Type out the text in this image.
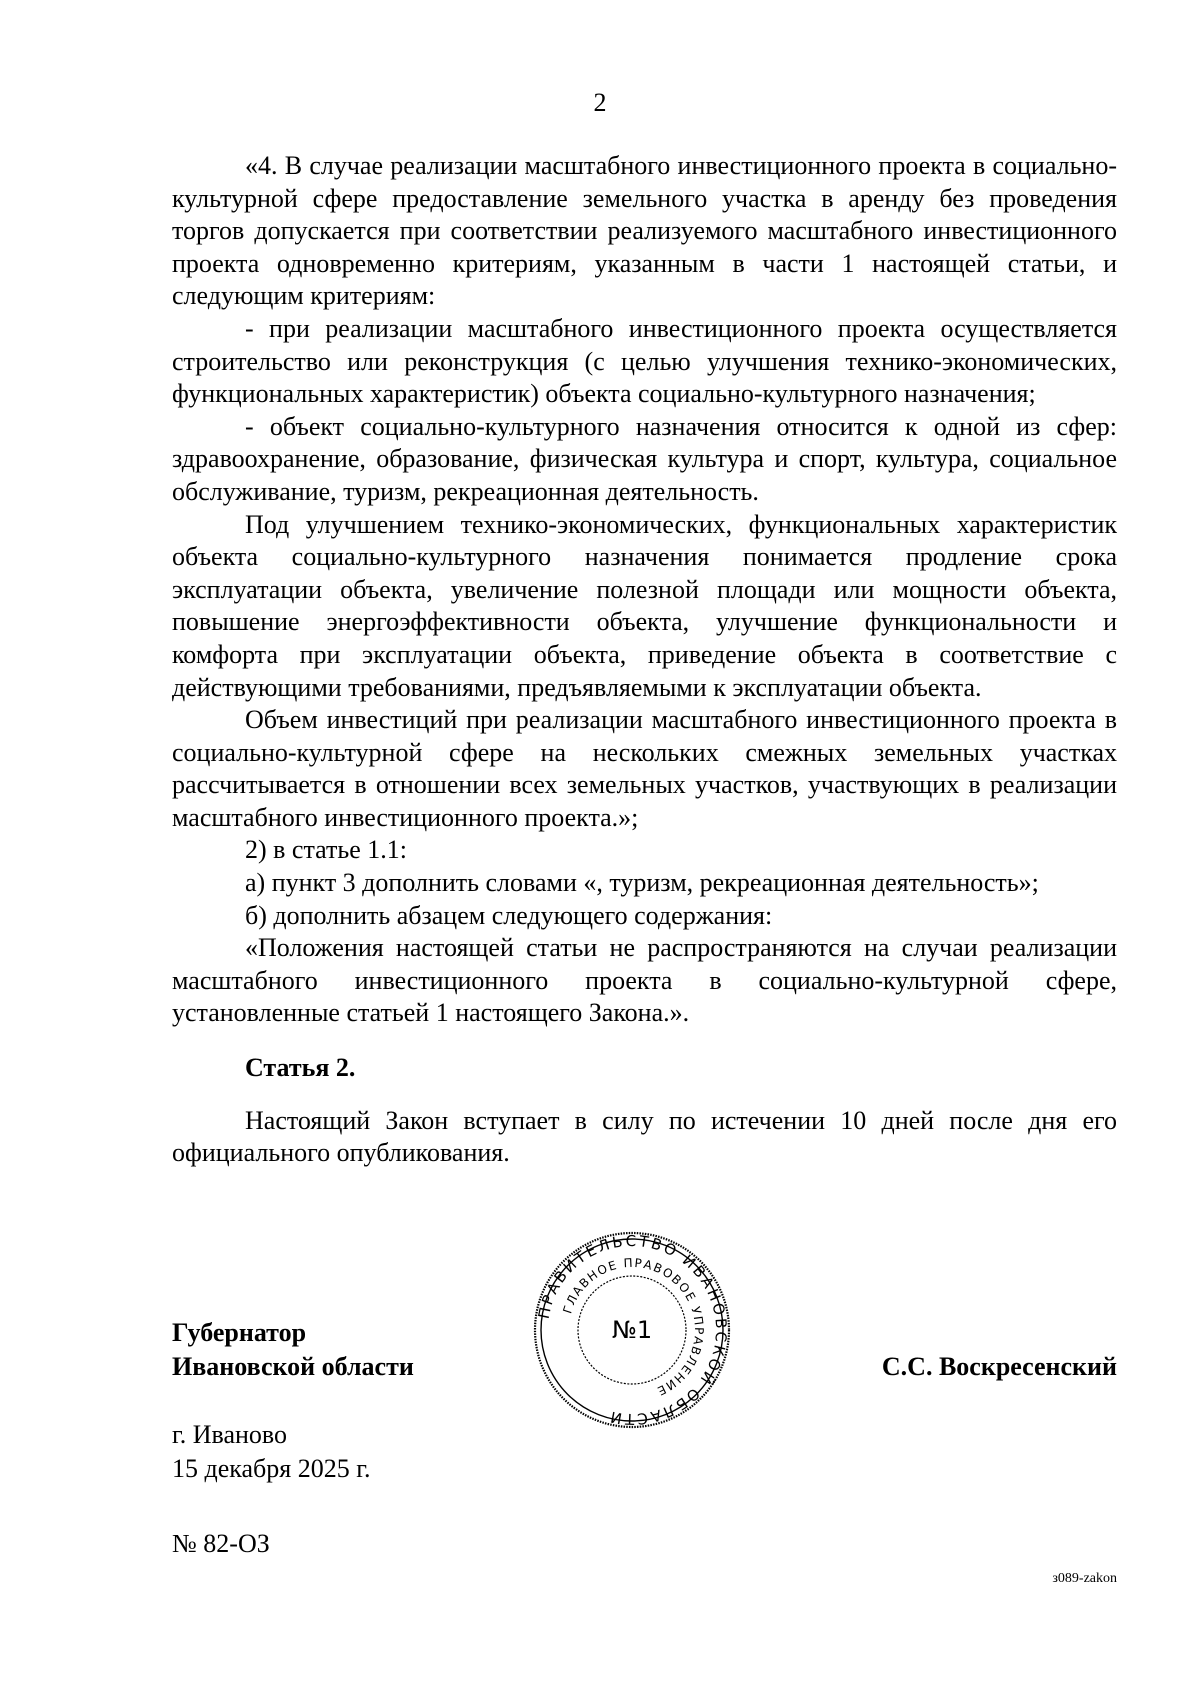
2

«4. В случае реализации масштабного инвестиционного проекта в социально-культурной сфере предоставление земельного участка в аренду без проведения торгов допускается при соответствии реализуемого масштабного инвестиционного проекта одновременно критериям, указанным в части 1 настоящей статьи, и следующим критериям:

- при реализации масштабного инвестиционного проекта осуществляется строительство или реконструкция (с целью улучшения технико-экономических, функциональных характеристик) объекта социально-культурного назначения;

- объект социально-культурного назначения относится к одной из сфер: здравоохранение, образование, физическая культура и спорт, культура, социальное обслуживание, туризм, рекреационная деятельность.

Под улучшением технико-экономических, функциональных характеристик объекта социально-культурного назначения понимается продление срока эксплуатации объекта, увеличение полезной площади или мощности объекта, повышение энергоэффективности объекта, улучшение функциональности и комфорта при эксплуатации объекта, приведение объекта в соответствие с действующими требованиями, предъявляемыми к эксплуатации объекта.

Объем инвестиций при реализации масштабного инвестиционного проекта в социально-культурной сфере на нескольких смежных земельных участках рассчитывается в отношении всех земельных участков, участвующих в реализации масштабного инвестиционного проекта.»;

2) в статье 1.1:

а) пункт 3 дополнить словами «, туризм, рекреационная деятельность»;

б) дополнить абзацем следующего содержания:

«Положения настоящей статьи не распространяются на случаи реализации масштабного инвестиционного проекта в социально-культурной сфере, установленные статьей 1 настоящего Закона.».

Статья 2.

Настоящий Закон вступает в силу по истечении 10 дней после дня его официального опубликования.

Губернатор
Ивановской области
ПРАВИТЕЛЬСТВО ИВАНОВСКОЙ ОБЛАСТИ
ГЛАВНОЕ ПРАВОВОЕ УПРАВЛЕНИЕ
№1
С.С. Воскресенский
г. Иваново
15 декабря 2025 г.
№ 82-ОЗ
з089-zakon
